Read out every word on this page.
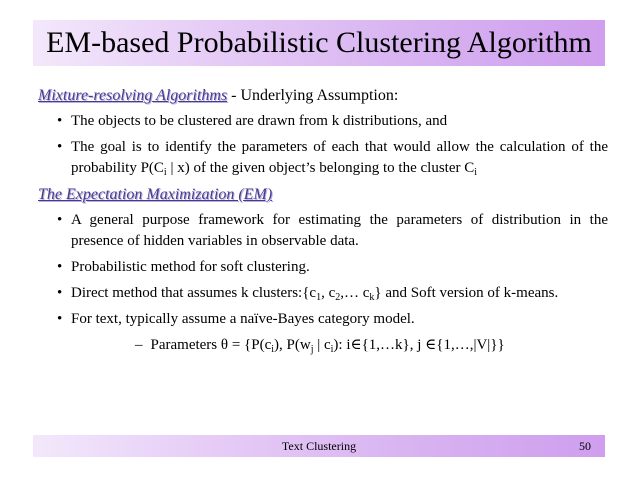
EM-based Probabilistic Clustering Algorithm
Mixture-resolving Algorithms - Underlying Assumption:
• The objects to be clustered are drawn from k distributions, and
• The goal is to identify the parameters of each that would allow the calculation of the probability $P(C_i$ | x) of the given object’s belonging to the cluster $C_i$
The Expectation Maximization (EM)
• A general purpose framework for estimating the parameters of distribution in the presence of hidden variables in observable data.
• Probabilistic method for soft clustering.
• Direct method that assumes k $clusters:\{c_1$, $c_2,\dots$ $c_k$} and Soft version of k-means.
• For text, typically assume a naïve-Bayes category model.
– Parameters $\theta = \{P(c_i)$, $P(w_j$ | $c_i$): i∈{1,…k}, j ∈{1,…,|V|}}
Text Clustering	50
